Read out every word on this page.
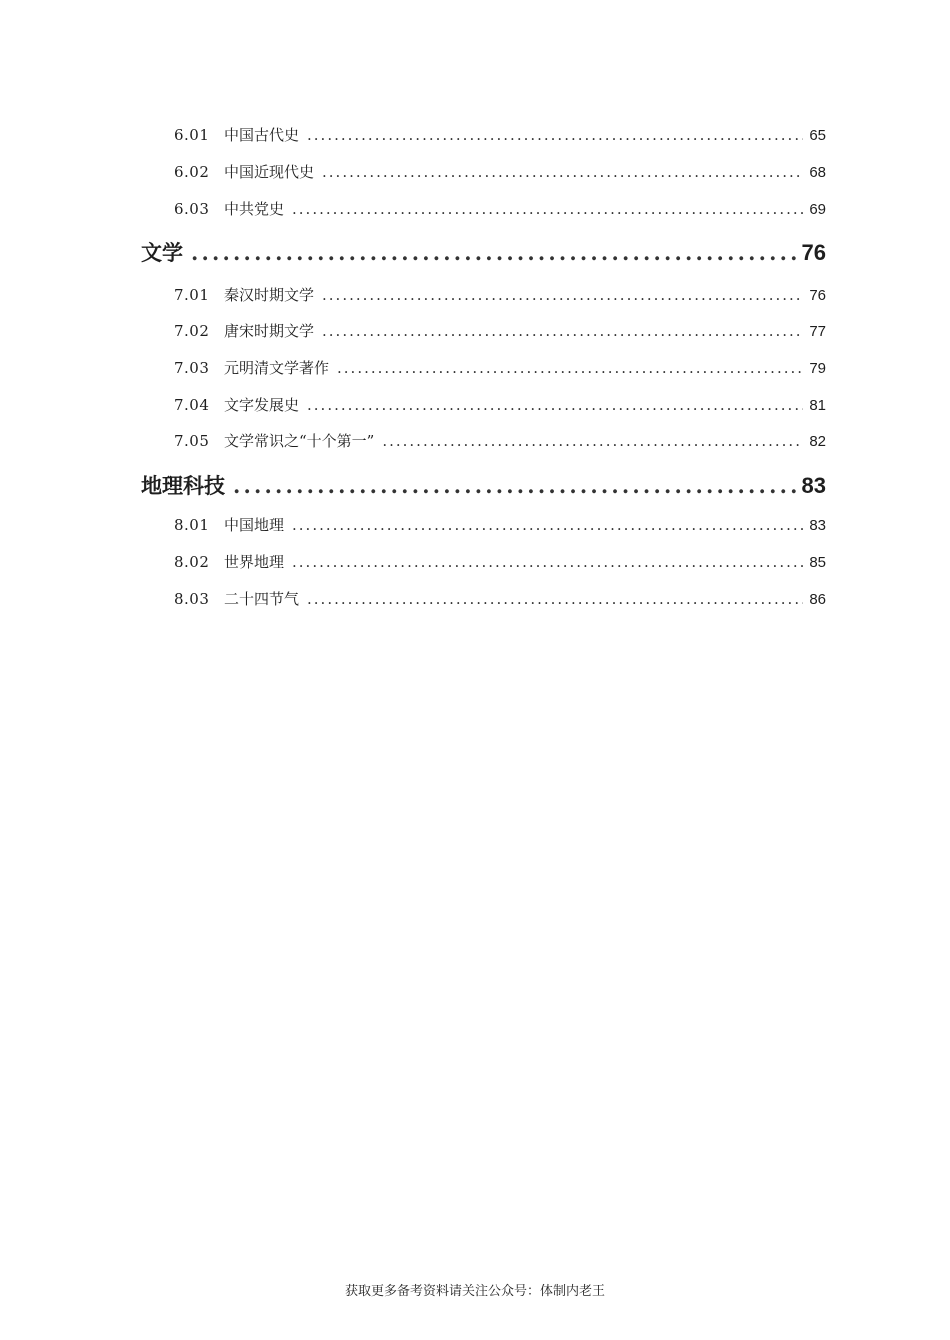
6.01 中国古代史 .....	65
6.02 中国近现代史 .....	68
6.03 中共党史 .....	69
文学 .....	76
7.01 秦汉时期文学 .....	76
7.02 唐宋时期文学 .....	77
7.03 元明清文学著作 .....	79
7.04 文字发展史 .....	81
7.05 文学常识之“十个第一” .....	82
地理科技 .....	83
8.01 中国地理 .....	83
8.02 世界地理 .....	85
8.03 二十四节气 .....	86
获取更多备考资料请关注公众号：体制内老王
